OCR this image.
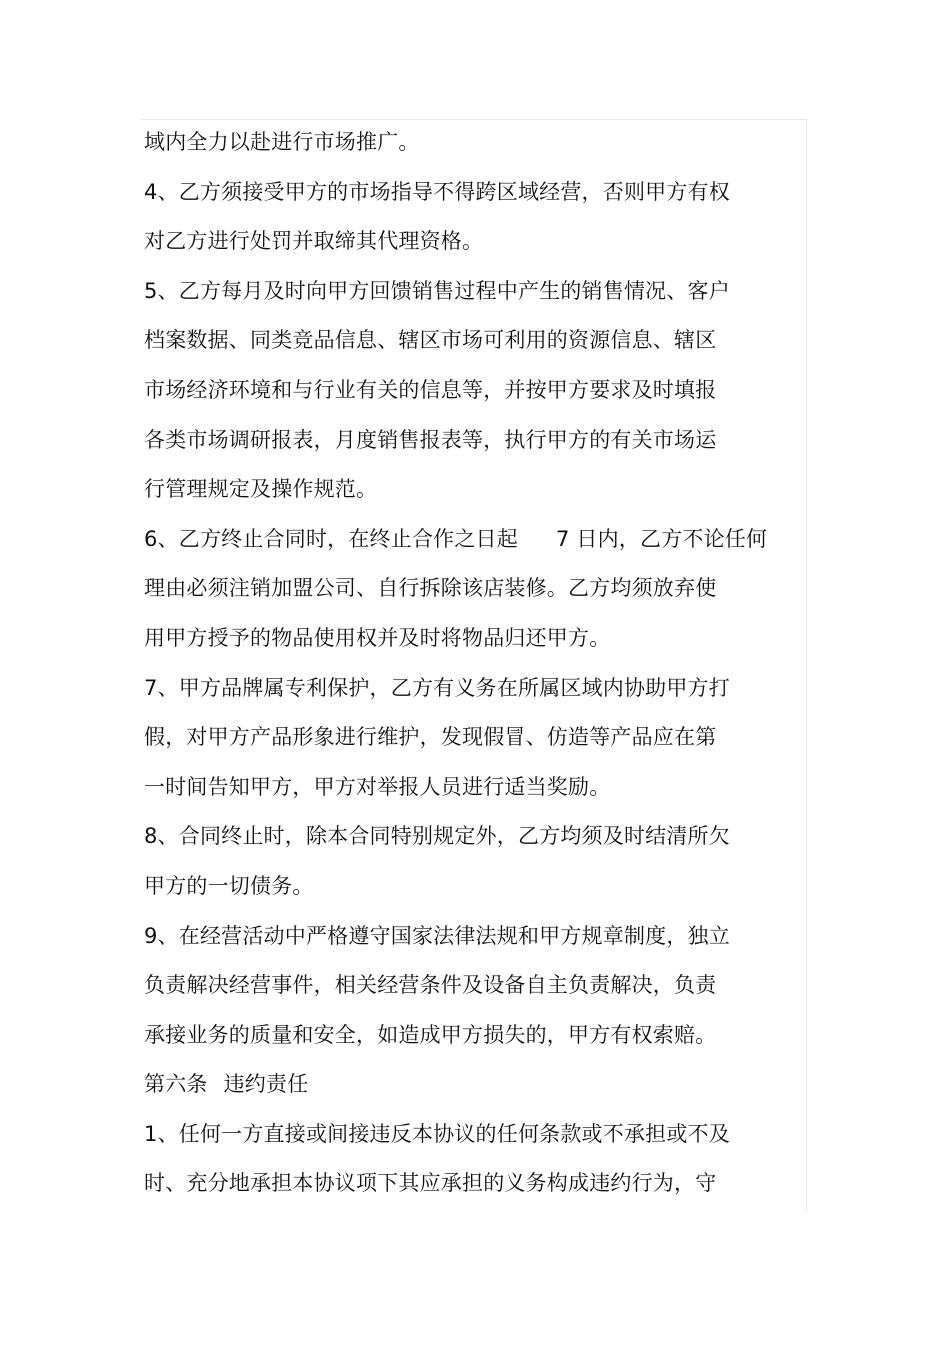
域内全力以赴进行市场推广。
4、乙方须接受甲方的市场指导不得跨区域经营，否则甲方有权
对乙方进行处罚并取缔其代理资格。
5、乙方每月及时向甲方回馈销售过程中产生的销售情况、客户
档案数据、同类竞品信息、辖区市场可利用的资源信息、辖区
市场经济环境和与行业有关的信息等，并按甲方要求及时填报
各类市场调研报表，月度销售报表等，执行甲方的有关市场运
行管理规定及操作规范。
6、乙方终止合同时，在终止合作之日起 7 日内，乙方不论任何
理由必须注销加盟公司、自行拆除该店装修。乙方均须放弃使
用甲方授予的物品使用权并及时将物品归还甲方。
7、甲方品牌属专利保护，乙方有义务在所属区域内协助甲方打
假，对甲方产品形象进行维护，发现假冒、仿造等产品应在第
一时间告知甲方，甲方对举报人员进行适当奖励。
8、合同终止时，除本合同特别规定外，乙方均须及时结清所欠
甲方的一切债务。
9、在经营活动中严格遵守国家法律法规和甲方规章制度，独立
负责解决经营事件，相关经营条件及设备自主负责解决，负责
承接业务的质量和安全，如造成甲方损失的，甲方有权索赔。
第六条 违约责任
1、任何一方直接或间接违反本协议的任何条款或不承担或不及
时、充分地承担本协议项下其应承担的义务构成违约行为，守
